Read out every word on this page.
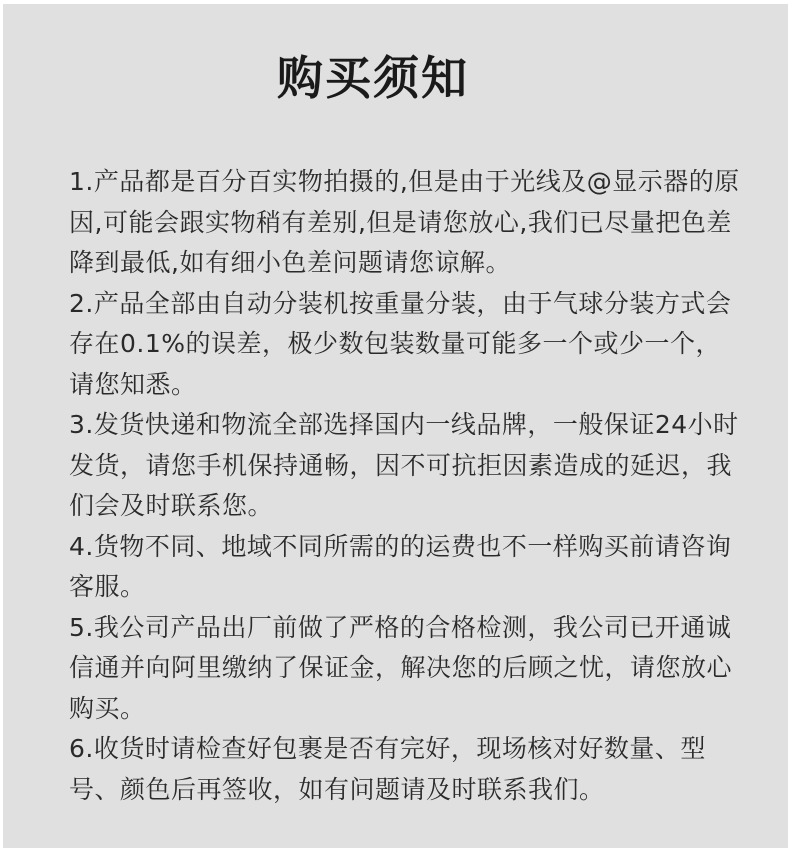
购买须知
1.产品都是百分百实物拍摄的,但是由于光线及@显示器的原因,可能会跟实物稍有差别,但是请您放心,我们已尽量把色差降到最低,如有细小色差问题请您谅解。
2.产品全部由自动分装机按重量分装，由于气球分装方式会存在0.1%的误差，极少数包装数量可能多一个或少一个，请您知悉。
3.发货快递和物流全部选择国内一线品牌，一般保证24小时发货，请您手机保持通畅，因不可抗拒因素造成的延迟，我们会及时联系您。
4.货物不同、地域不同所需的的运费也不一样购买前请咨询客服。
5.我公司产品出厂前做了严格的合格检测，我公司已开通诚信通并向阿里缴纳了保证金，解决您的后顾之忧，请您放心购买。
6.收货时请检查好包裹是否有完好，现场核对好数量、型号、颜色后再签收，如有问题请及时联系我们。
